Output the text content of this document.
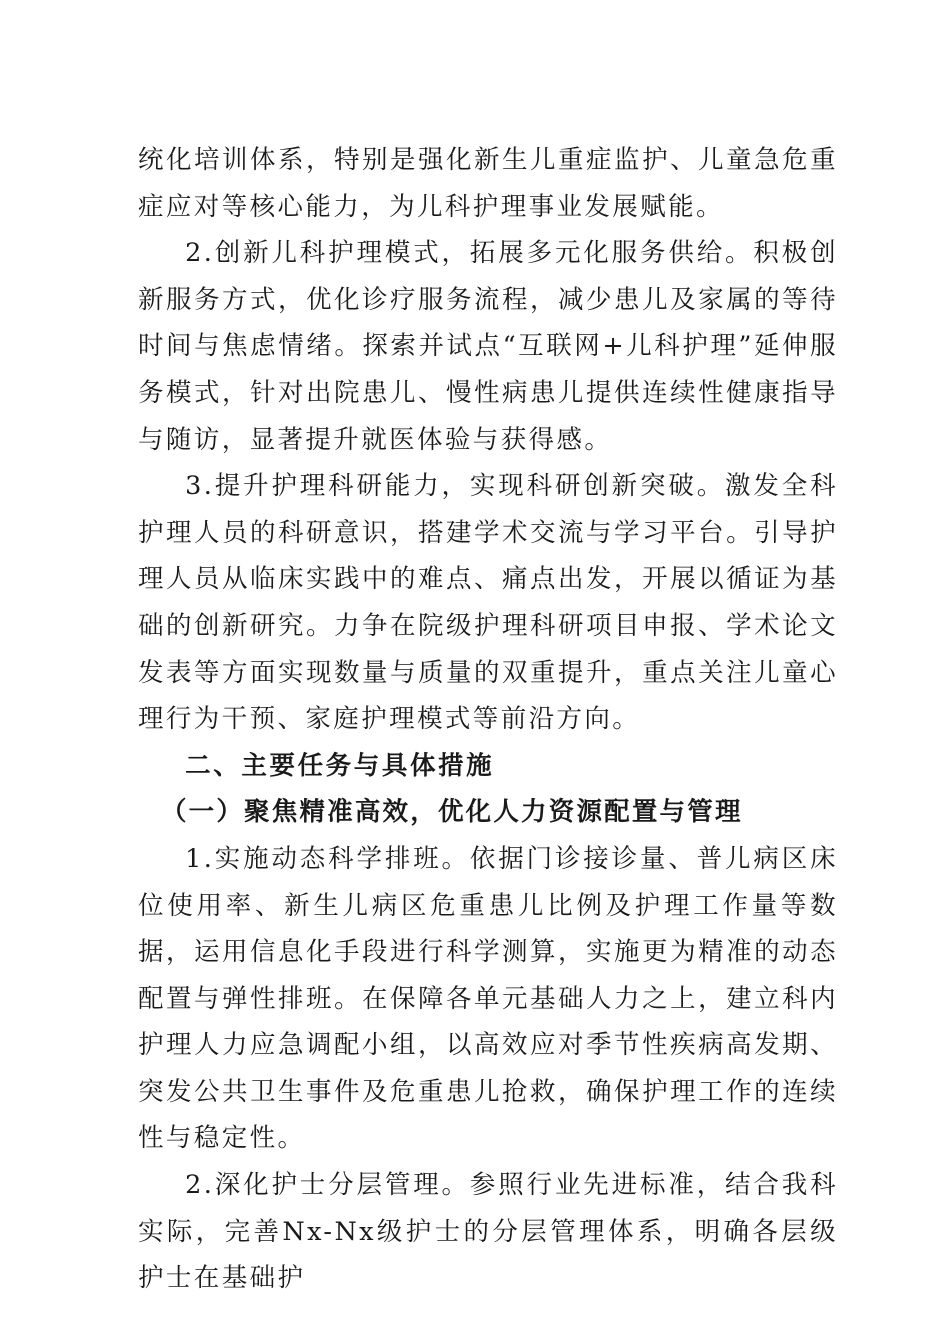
统化培训体系，特别是强化新生儿重症监护、儿童急危重症应对等核心能力，为儿科护理事业发展赋能。

2.创新儿科护理模式，拓展多元化服务供给。积极创新服务方式，优化诊疗服务流程，减少患儿及家属的等待时间与焦虑情绪。探索并试点“互联网+儿科护理”延伸服务模式，针对出院患儿、慢性病患儿提供连续性健康指导与随访，显著提升就医体验与获得感。

3.提升护理科研能力，实现科研创新突破。激发全科护理人员的科研意识，搭建学术交流与学习平台。引导护理人员从临床实践中的难点、痛点出发，开展以循证为基础的创新研究。力争在院级护理科研项目申报、学术论文发表等方面实现数量与质量的双重提升，重点关注儿童心理行为干预、家庭护理模式等前沿方向。

二、主要任务与具体措施

（一）聚焦精准高效，优化人力资源配置与管理

1.实施动态科学排班。依据门诊接诊量、普儿病区床位使用率、新生儿病区危重患儿比例及护理工作量等数据，运用信息化手段进行科学测算，实施更为精准的动态配置与弹性排班。在保障各单元基础人力之上，建立科内护理人力应急调配小组，以高效应对季节性疾病高发期、突发公共卫生事件及危重患儿抢救，确保护理工作的连续性与稳定性。

2.深化护士分层管理。参照行业先进标准，结合我科实际，完善Nx-Nx级护士的分层管理体系，明确各层级护士在基础护
